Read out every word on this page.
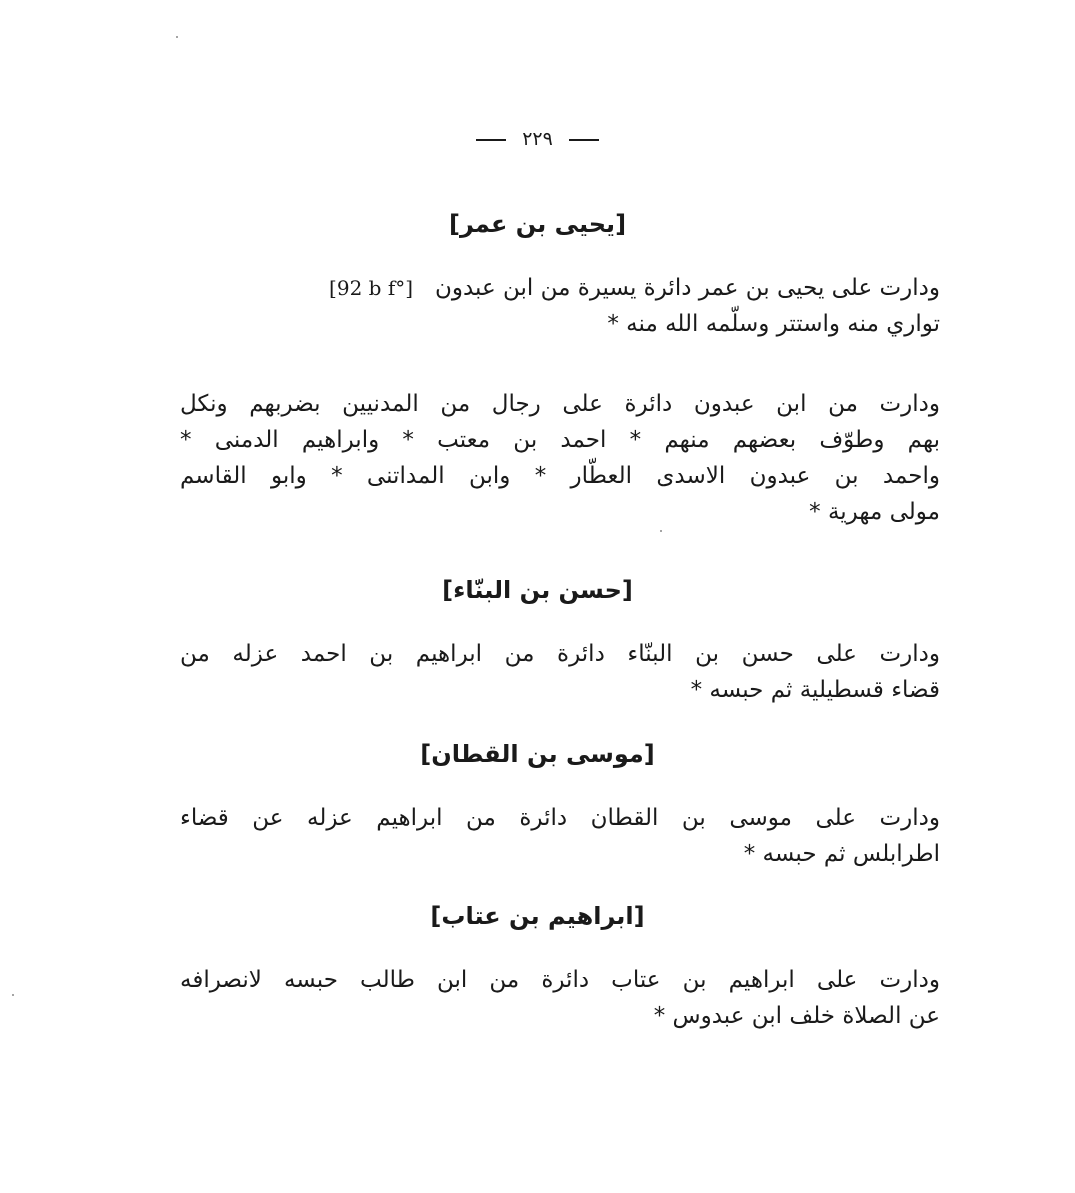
٢٢٩
[يحيى بن عمر]
ودارت على يحيى بن عمر دائرة يسيرة من ابن عبدون   [92 b f°]
تواري منه واستتر وسلّمه الله منه *
ودارت من ابن عبدون دائرة على رجال من المدنيين بضربهم ونكل
بهم وطوّف بعضهم منهم * احمد بن معتب * وابراهيم الدمنى *
واحمد بن عبدون الاسدى العطّار * وابن المداتنى * وابو القاسم
مولى مهرية *
[حسن بن البنّاء]
ودارت على حسن بن البنّاء دائرة من ابراهيم بن احمد عزله من
قضاء قسطيلية ثم حبسه *
[موسى بن القطان]
ودارت على موسى بن القطان دائرة من ابراهيم عزله عن قضاء
اطرابلس ثم حبسه *
[ابراهيم بن عتاب]
ودارت على ابراهيم بن عتاب دائرة من ابن طالب حبسه لانصرافه
عن الصلاة خلف ابن عبدوس *
